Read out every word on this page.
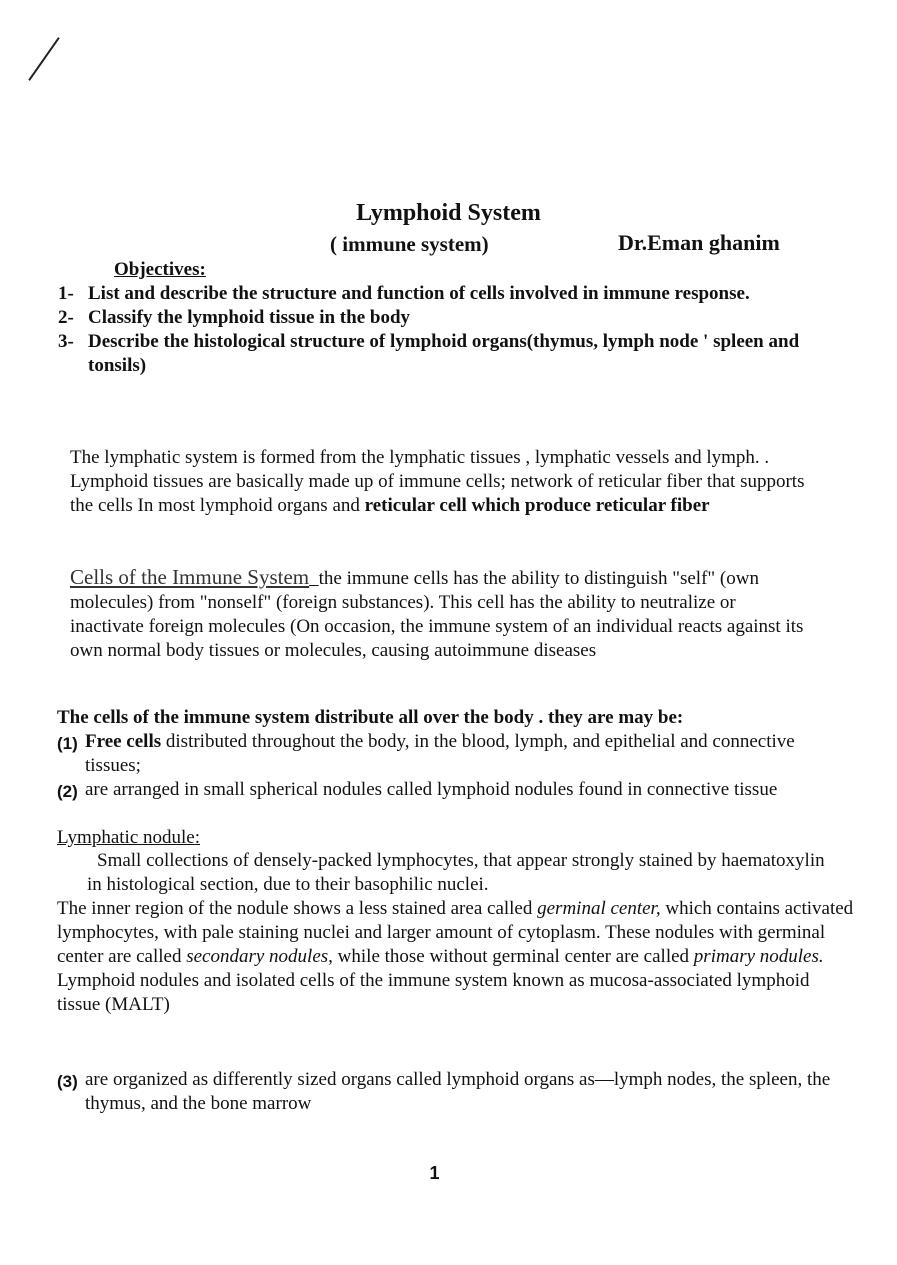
Lymphoid System
( immune system)	Dr.Eman ghanim
Objectives:
1- List and describe the structure and function of cells involved in immune response.
2- Classify the lymphoid tissue in the body
3- Describe the histological structure of lymphoid organs(thymus, lymph node ' spleen and tonsils)
The lymphatic system is formed from the lymphatic tissues , lymphatic vessels and lymph. . Lymphoid tissues are basically made up of immune cells; network of reticular fiber that supports the cells In most lymphoid organs and reticular cell which produce reticular fiber
Cells of the Immune System the immune cells has the ability to distinguish "self" (own molecules) from "nonself" (foreign substances). This cell has the ability to neutralize or inactivate foreign molecules (On occasion, the immune system of an individual reacts against its own normal body tissues or molecules, causing autoimmune diseases
The cells of the immune system distribute all over the body . they are may be:
(1) Free cells distributed throughout the body, in the blood, lymph, and epithelial and connective tissues;
(2) are arranged in small spherical nodules called lymphoid nodules found in connective tissue
Lymphatic nodule:
Small collections of densely-packed lymphocytes, that appear strongly stained by haematoxylin in histological section, due to their basophilic nuclei.
The inner region of the nodule shows a less stained area called germinal center, which contains activated lymphocytes, with pale staining nuclei and larger amount of cytoplasm. These nodules with germinal center are called secondary nodules, while those without germinal center are called primary nodules.
Lymphoid nodules and isolated cells of the immune system known as mucosa-associated lymphoid tissue (MALT)
(3) are organized as differently sized organs called lymphoid organs as—lymph nodes, the spleen, the thymus, and the bone marrow
1
